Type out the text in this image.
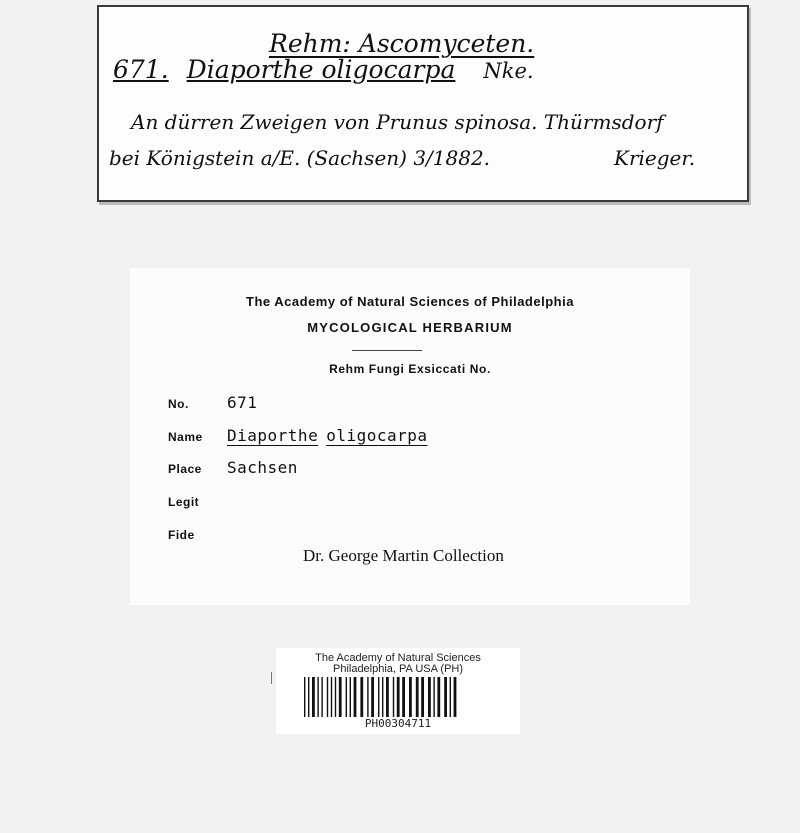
Rehm: Ascomyceten.
671. Diaporthe oligocarpa Nke.
An dürren Zweigen von Prunus spinosa. Thürmsdorf
bei Königstein a/E. (Sachsen) 3/1882.	Krieger.
The Academy of Natural Sciences of Philadelphia
MYCOLOGICAL HERBARIUM
Rehm Fungi Exsiccati No.
No. 671
Name Diaporthe oligocarpa
Place Sachsen
Legit
Fide
Dr. George Martin Collection
The Academy of Natural Sciences
Philadelphia, PA USA (PH)
PH00304711
